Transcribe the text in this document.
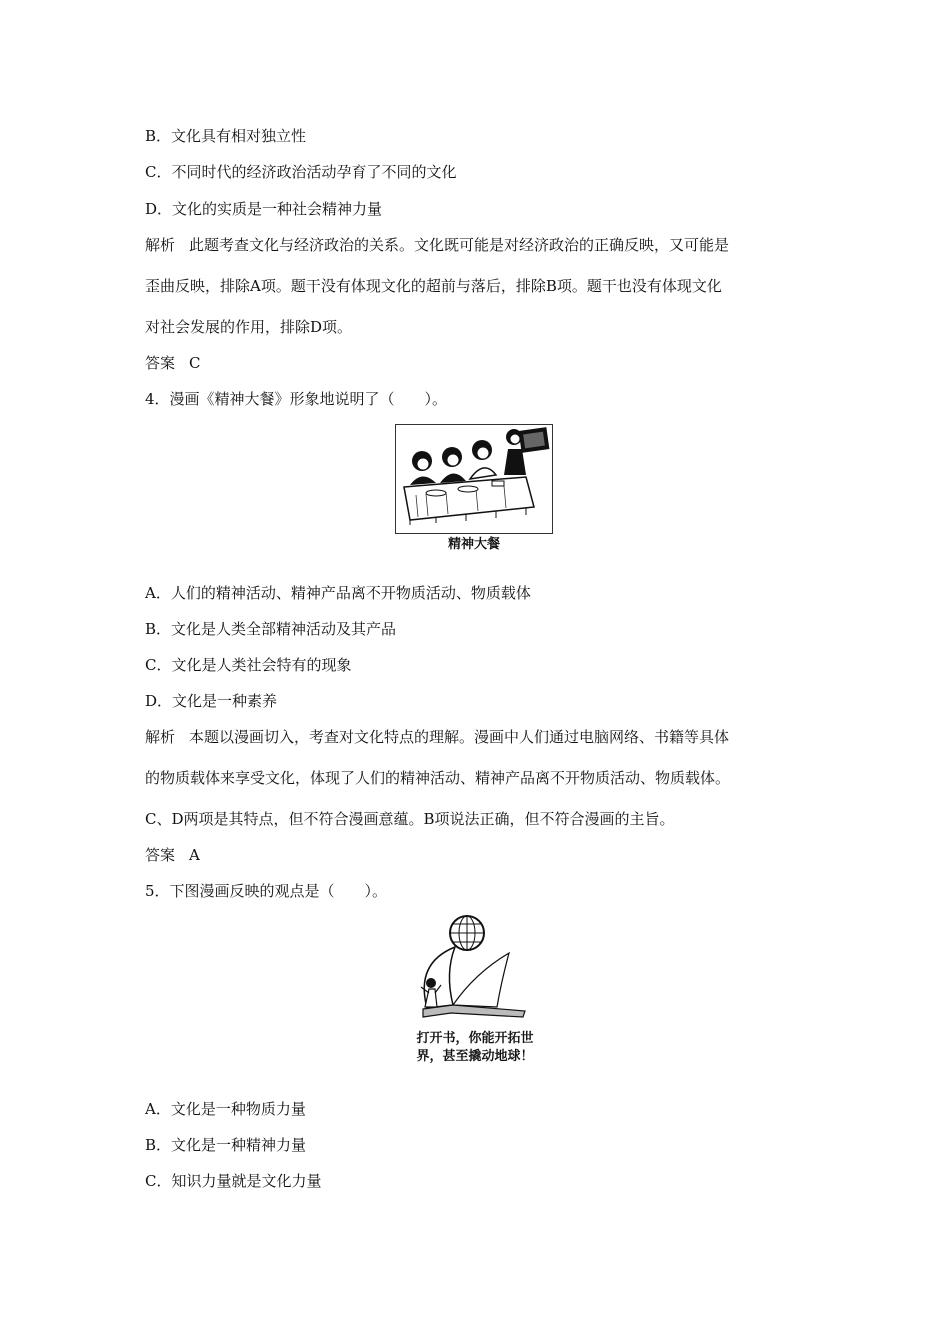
B．文化具有相对独立性
C．不同时代的经济政治活动孕育了不同的文化
D．文化的实质是一种社会精神力量
解析 此题考查文化与经济政治的关系。文化既可能是对经济政治的正确反映，又可能是
歪曲反映，排除A项。题干没有体现文化的超前与落后，排除B项。题干也没有体现文化
对社会发展的作用，排除D项。
答案 C
4．漫画《精神大餐》形象地说明了（　　）。
精神大餐
A．人们的精神活动、精神产品离不开物质活动、物质载体
B．文化是人类全部精神活动及其产品
C．文化是人类社会特有的现象
D．文化是一种素养
解析 本题以漫画切入，考查对文化特点的理解。漫画中人们通过电脑网络、书籍等具体
的物质载体来享受文化，体现了人们的精神活动、精神产品离不开物质活动、物质载体。
C、D两项是其特点，但不符合漫画意蕴。B项说法正确，但不符合漫画的主旨。
答案 A
5．下图漫画反映的观点是（　　）。
打开书，你能开拓世
界，甚至撬动地球！
A．文化是一种物质力量
B．文化是一种精神力量
C．知识力量就是文化力量
